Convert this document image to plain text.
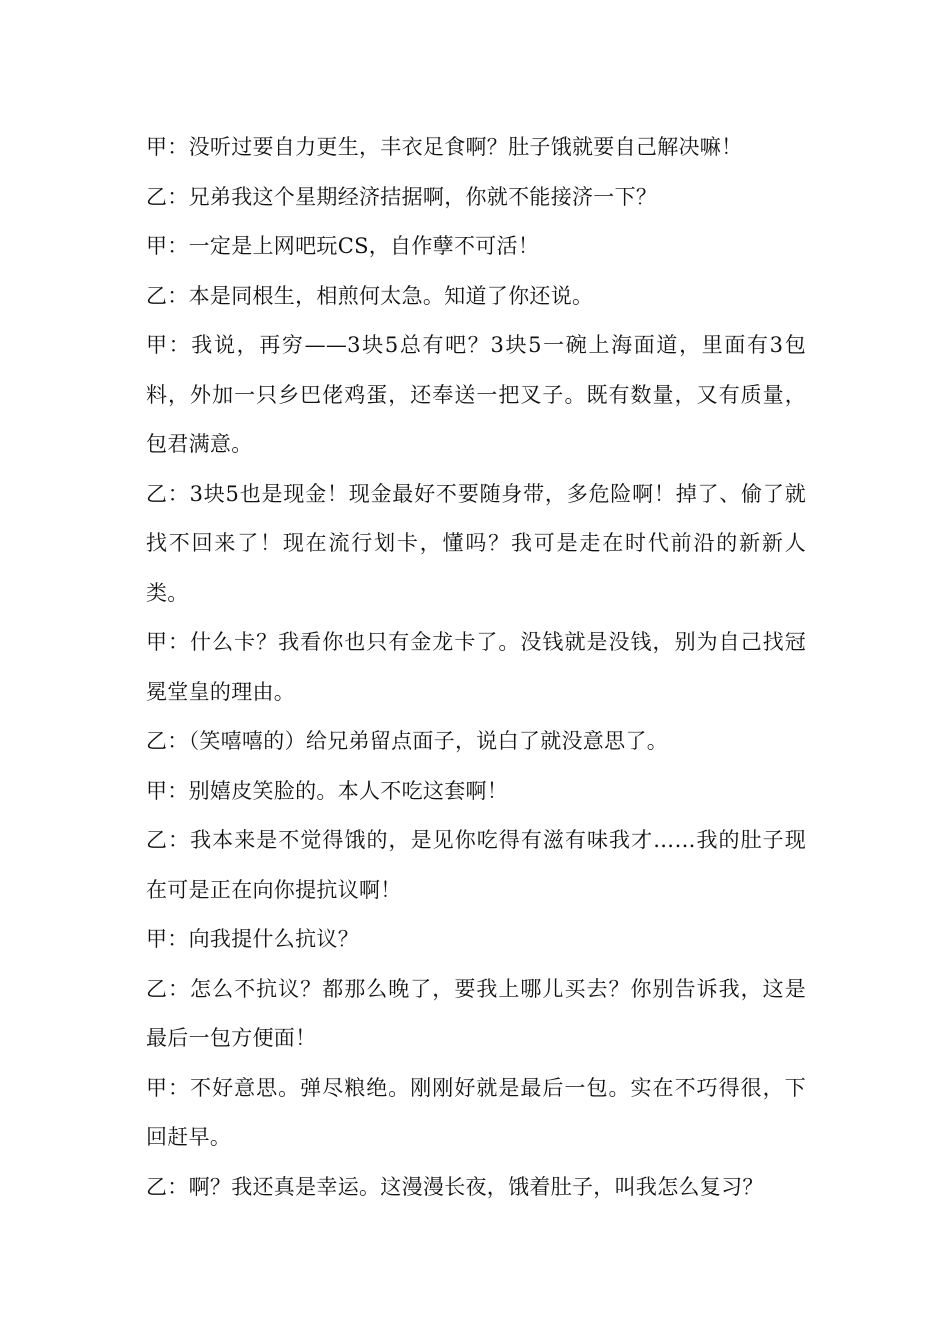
甲：没听过要自力更生，丰衣足食啊？肚子饿就要自己解决嘛！

乙：兄弟我这个星期经济拮据啊，你就不能接济一下？

甲：一定是上网吧玩CS，自作孽不可活！

乙：本是同根生，相煎何太急。知道了你还说。

甲：我说，再穷——3块5总有吧？3块5一碗上海面道，里面有3包料，外加一只乡巴佬鸡蛋，还奉送一把叉子。既有数量，又有质量，包君满意。

乙：3块5也是现金！现金最好不要随身带，多危险啊！掉了、偷了就找不回来了！现在流行划卡，懂吗？我可是走在时代前沿的新新人类。

甲：什么卡？我看你也只有金龙卡了。没钱就是没钱，别为自己找冠冕堂皇的理由。

乙：（笑嘻嘻的）给兄弟留点面子，说白了就没意思了。

甲：别嬉皮笑脸的。本人不吃这套啊！

乙：我本来是不觉得饿的，是见你吃得有滋有味我才……我的肚子现在可是正在向你提抗议啊！

甲：向我提什么抗议？

乙：怎么不抗议？都那么晚了，要我上哪儿买去？你别告诉我，这是最后一包方便面！

甲：不好意思。弹尽粮绝。刚刚好就是最后一包。实在不巧得很，下回赶早。

乙：啊？我还真是幸运。这漫漫长夜，饿着肚子，叫我怎么复习？
